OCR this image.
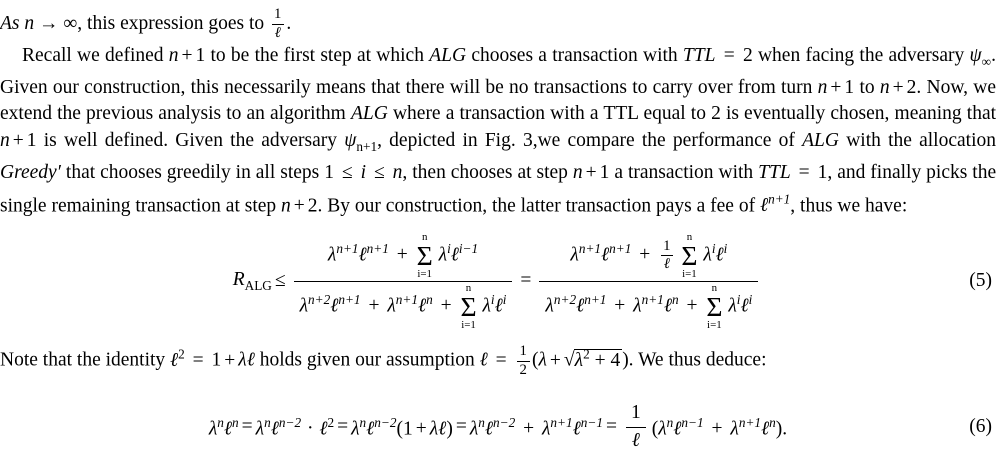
As n → ∞, this expression goes to $\frac{1}{\text{ℓ}}$ .
Recall we defined n + 1 to be the first step at which ALG chooses a transaction with TTL = 2 when facing the adversary $\psi_\infty$. Given our construction, this necessarily means that there will be no transactions to carry over from turn n + 1 to n + 2. Now, we extend the previous analysis to an algorithm ALG where a transaction with a TTL equal to 2 is eventually chosen, meaning that n + 1 is well defined. Given the adversary $\psi_{n+1}$, depicted in Fig. 3,we compare the performance of ALG with the allocation Greedy′ that chooses greedily in all steps 1 ≤ i ≤ n, then chooses at step n + 1 a transaction with TTL = 1, and finally picks the single remaining transaction at step n + 2. By our construction, the latter transaction pays a fee of ℓ$^{n+1}$, thus we have:
$R_{ALG}$ ≤
$\lambda^{n+1}\ell^{n+1}$ +
n
Σ
i=1
$\lambda^i\ell^{i-1}$
$\lambda^{n+2}\ell^{n+1}$ + $\lambda^{n+1}\ell^n$ +
n
Σ
i=1
$\lambda^i\ell^i$
=
$\lambda^{n+1}\ell^{n+1} + \frac{1}{\text{ℓ}}$

n
Σ
i=1
$\lambda^i\ell^i$
$\lambda^{n+2}\ell^{n+1}$ + $\lambda^{n+1}\ell^n$ +
n
Σ
i=1
$\lambda^i\ell^i$
(5)
Note that the identity ℓ$^2$ = 1 + λℓ holds given our assumption ℓ = $\frac{1}{2} (\lambda + √\lambda^2 + 4$ ). We thus deduce:
$\lambda^n\ell^n$ = $\lambda^n\ell^{n-2}$ · ℓ$^2$ = $\lambda^n\ell^{n-2}(1$ + λℓ) = $\lambda^n\ell^{n-2}$ + $\lambda^{n+1}\ell^{n-1} = \frac{1}{\text{ℓ}}$ ($\lambda^n\ell^{n-1}$ + $\lambda^{n+1}\ell^n$).	(6)
